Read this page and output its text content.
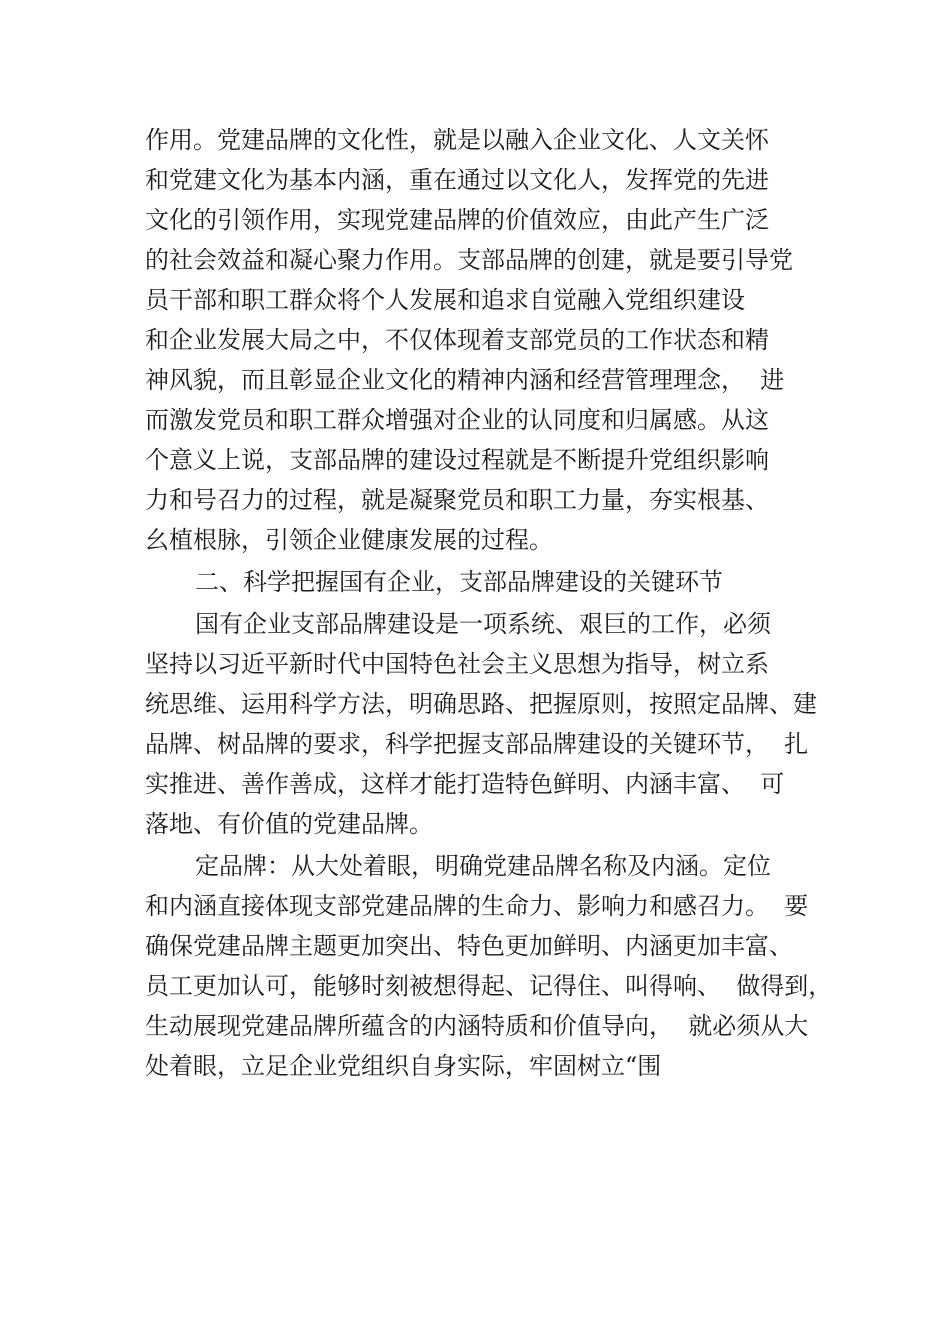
作用。党建品牌的文化性，就是以融入企业文化、人文关怀
和党建文化为基本内涵，重在通过以文化人，发挥党的先进
文化的引领作用，实现党建品牌的价值效应，由此产生广泛
的社会效益和凝心聚力作用。支部品牌的创建，就是要引导党
员干部和职工群众将个人发展和追求自觉融入党组织建设
和企业发展大局之中，不仅体现着支部党员的工作状态和精
神风貌，而且彰显企业文化的精神内涵和经营管理理念，  进
而激发党员和职工群众增强对企业的认同度和归属感。从这
个意义上说，支部品牌的建设过程就是不断提升党组织影响
力和号召力的过程，就是凝聚党员和职工力量，夯实根基、
⼳植根脉，引领企业健康发展的过程。
二、科学把握国有企业，支部品牌建设的关键环节
国有企业支部品牌建设是一项系统、艰巨的工作，必须
坚持以习近平新时代中国特色社会主义思想为指导，树立系
统思维、运用科学方法，明确思路、把握原则，按照定品牌、建
品牌、树品牌的要求，科学把握支部品牌建设的关键环节，  扎
实推进、善作善成，这样才能打造特色鲜明、内涵丰富、  可
落地、有价值的党建品牌。
定品牌：从大处着眼，明确党建品牌名称及内涵。定位
和内涵直接体现支部党建品牌的生命力、影响力和感召力。  要
确保党建品牌主题更加突出、特色更加鲜明、内涵更加丰富、
员工更加认可，能够时刻被想得起、记得住、叫得响、  做得到，
生动展现党建品牌所蕴含的内涵特质和价值导向，  就必须从大
处着眼，立足企业党组织自身实际，牢固树立“围
